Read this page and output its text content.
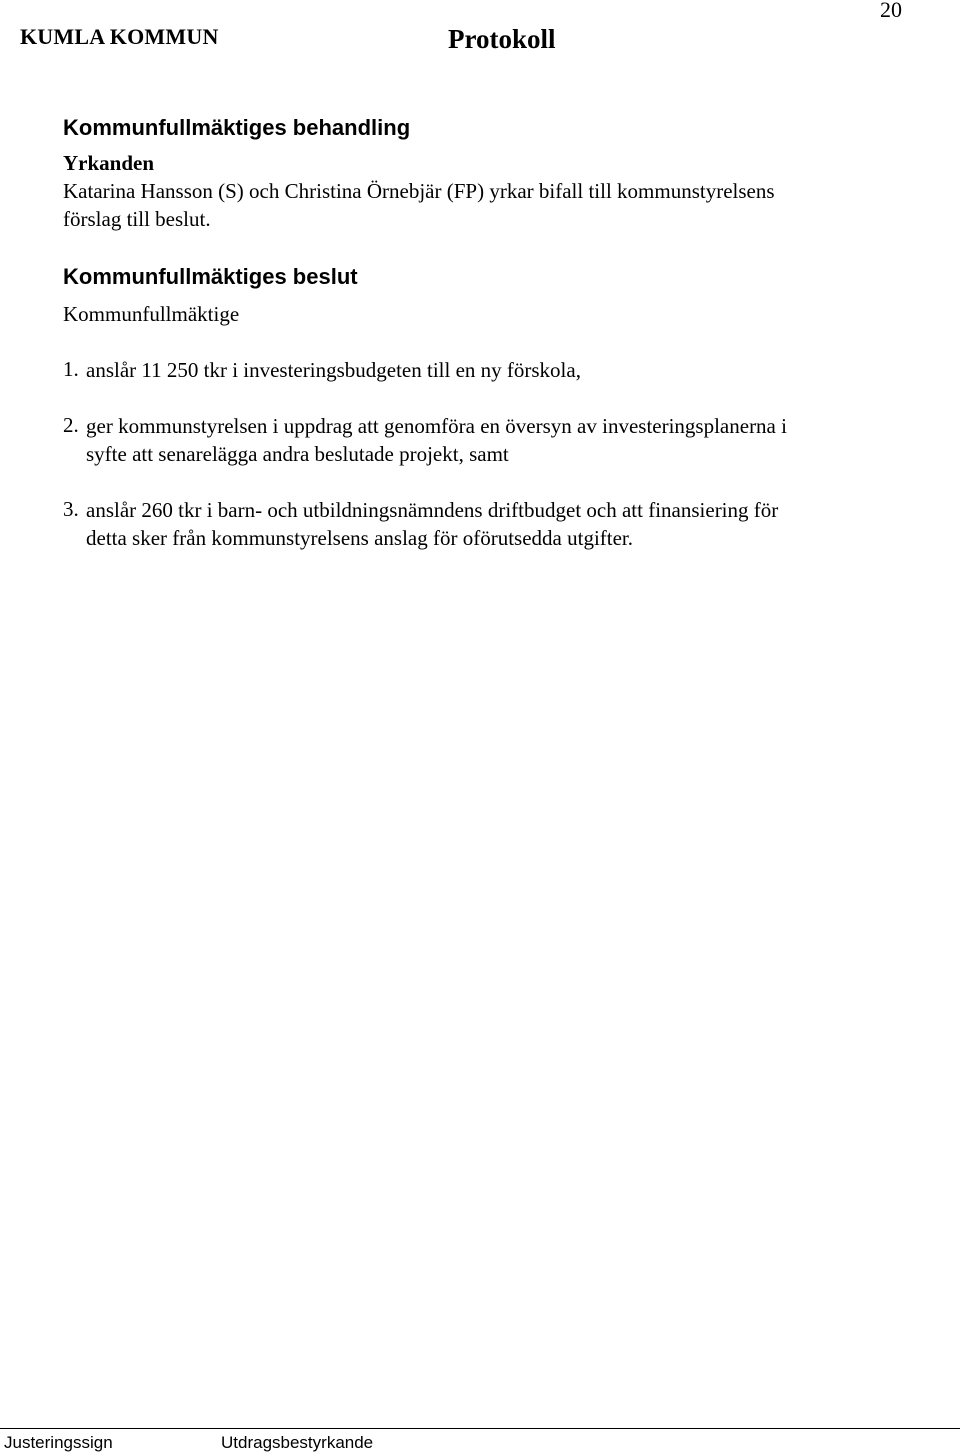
KUMLA KOMMUN	Protokoll
20
Kommunfullmäktiges behandling
Yrkanden
Katarina Hansson (S) och Christina Örnebjär (FP) yrkar bifall till kommunstyrelsens
förslag till beslut.
Kommunfullmäktiges beslut
Kommunfullmäktige
1. anslår 11 250 tkr i investeringsbudgeten till en ny förskola,
2. ger kommunstyrelsen i uppdrag att genomföra en översyn av investeringsplanerna i
syfte att senarelägga andra beslutade projekt, samt
3. anslår 260 tkr i barn- och utbildningsnämndens driftbudget och att finansiering för
detta sker från kommunstyrelsens anslag för oförutsedda utgifter.
Justeringssign	Utdragsbestyrkande
